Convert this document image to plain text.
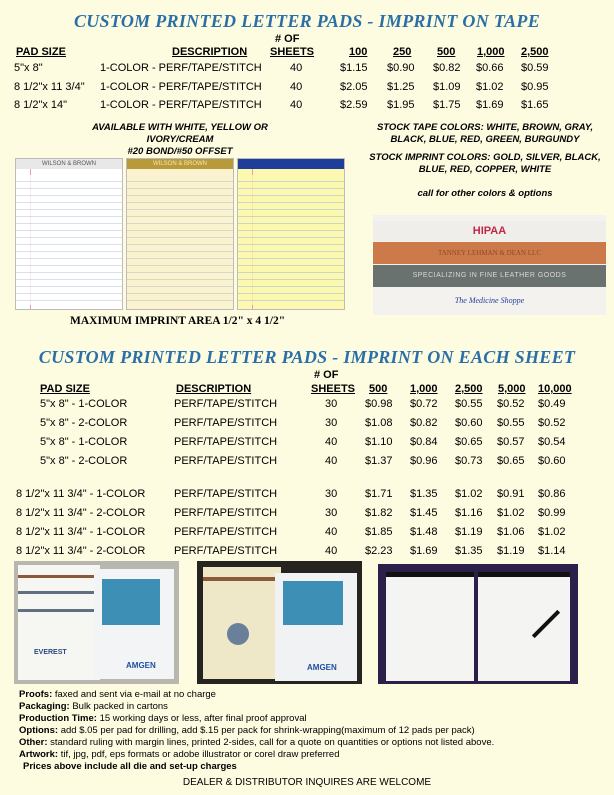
CUSTOM PRINTED LETTER PADS - IMPRINT ON TAPE
# OF
PAD SIZE	DESCRIPTION SHEETS	100 250 500 1,000 2,500
5"x 8"	1-COLOR - PERF/TAPE/STITCH	40	$1.15 $0.90 $0.82 $0.66 $0.59
8 1/2"x 11 3/4" 1-COLOR - PERF/TAPE/STITCH	40	$2.05 $1.25 $1.09 $1.02 $0.95
8 1/2"x 14"	1-COLOR - PERF/TAPE/STITCH	40	$2.59 $1.95 $1.75 $1.69 $1.65
AVAILABLE WITH WHITE, YELLOW OR IVORY/CREAM
#20 BOND/#50 OFFSET
WILSON & BROWN	WILSON & BROWN
MAXIMUM IMPRINT AREA 1/2" x 4 1/2"
STOCK TAPE COLORS: WHITE, BROWN, GRAY, BLACK, BLUE, RED, GREEN, BURGUNDY
STOCK IMPRINT COLORS: GOLD, SILVER, BLACK, BLUE, RED, COPPER, WHITE
call for other colors & options
HIPAA
TANNEY LEHMAN & DEAN LLC
SPECIALIZING IN FINE LEATHER GOODS
The Medicine Shoppe
CUSTOM PRINTED LETTER PADS - IMPRINT ON EACH SHEET
# OF
PAD SIZE	DESCRIPTION	SHEETS 500 1,000 2,500 5,000 10,000
5"x 8" - 1-COLOR	PERF/TAPE/STITCH	30	$0.98 $0.72 $0.55 $0.52 $0.49
5"x 8" - 2-COLOR	PERF/TAPE/STITCH	30	$1.08 $0.82 $0.60 $0.55 $0.52
5"x 8" - 1-COLOR	PERF/TAPE/STITCH	40	$1.10 $0.84 $0.65 $0.57 $0.54
5"x 8" - 2-COLOR	PERF/TAPE/STITCH	40	$1.37 $0.96 $0.73 $0.65 $0.60
8 1/2"x 11 3/4" - 1-COLOR	PERF/TAPE/STITCH	30	$1.71 $1.35 $1.02 $0.91 $0.86
8 1/2"x 11 3/4" - 2-COLOR	PERF/TAPE/STITCH	30	$1.82 $1.45 $1.16 $1.02 $0.99
8 1/2"x 11 3/4" - 1-COLOR	PERF/TAPE/STITCH	40	$1.85 $1.48 $1.19 $1.06 $1.02
8 1/2"x 11 3/4" - 2-COLOR	PERF/TAPE/STITCH	40	$2.23 $1.69 $1.35 $1.19 $1.14
EVEREST
AMGEN	AMGEN
Proofs: faxed and sent via e-mail at no charge
Packaging: Bulk packed in cartons
Production Time: 15 working days or less, after final proof approval
Options: add $.05 per pad for drilling, add $.15 per pack for shrink-wrapping(maximum of 12 pads per pack)
Other: standard ruling with margin lines, printed 2-sides, call for a quote on quantities or options not listed above.
Artwork: tif, jpg, pdf, eps formats or adobe illustrator or corel draw preferred
Prices above include all die and set-up charges
DEALER & DISTRIBUTOR INQUIRES ARE WELCOME
